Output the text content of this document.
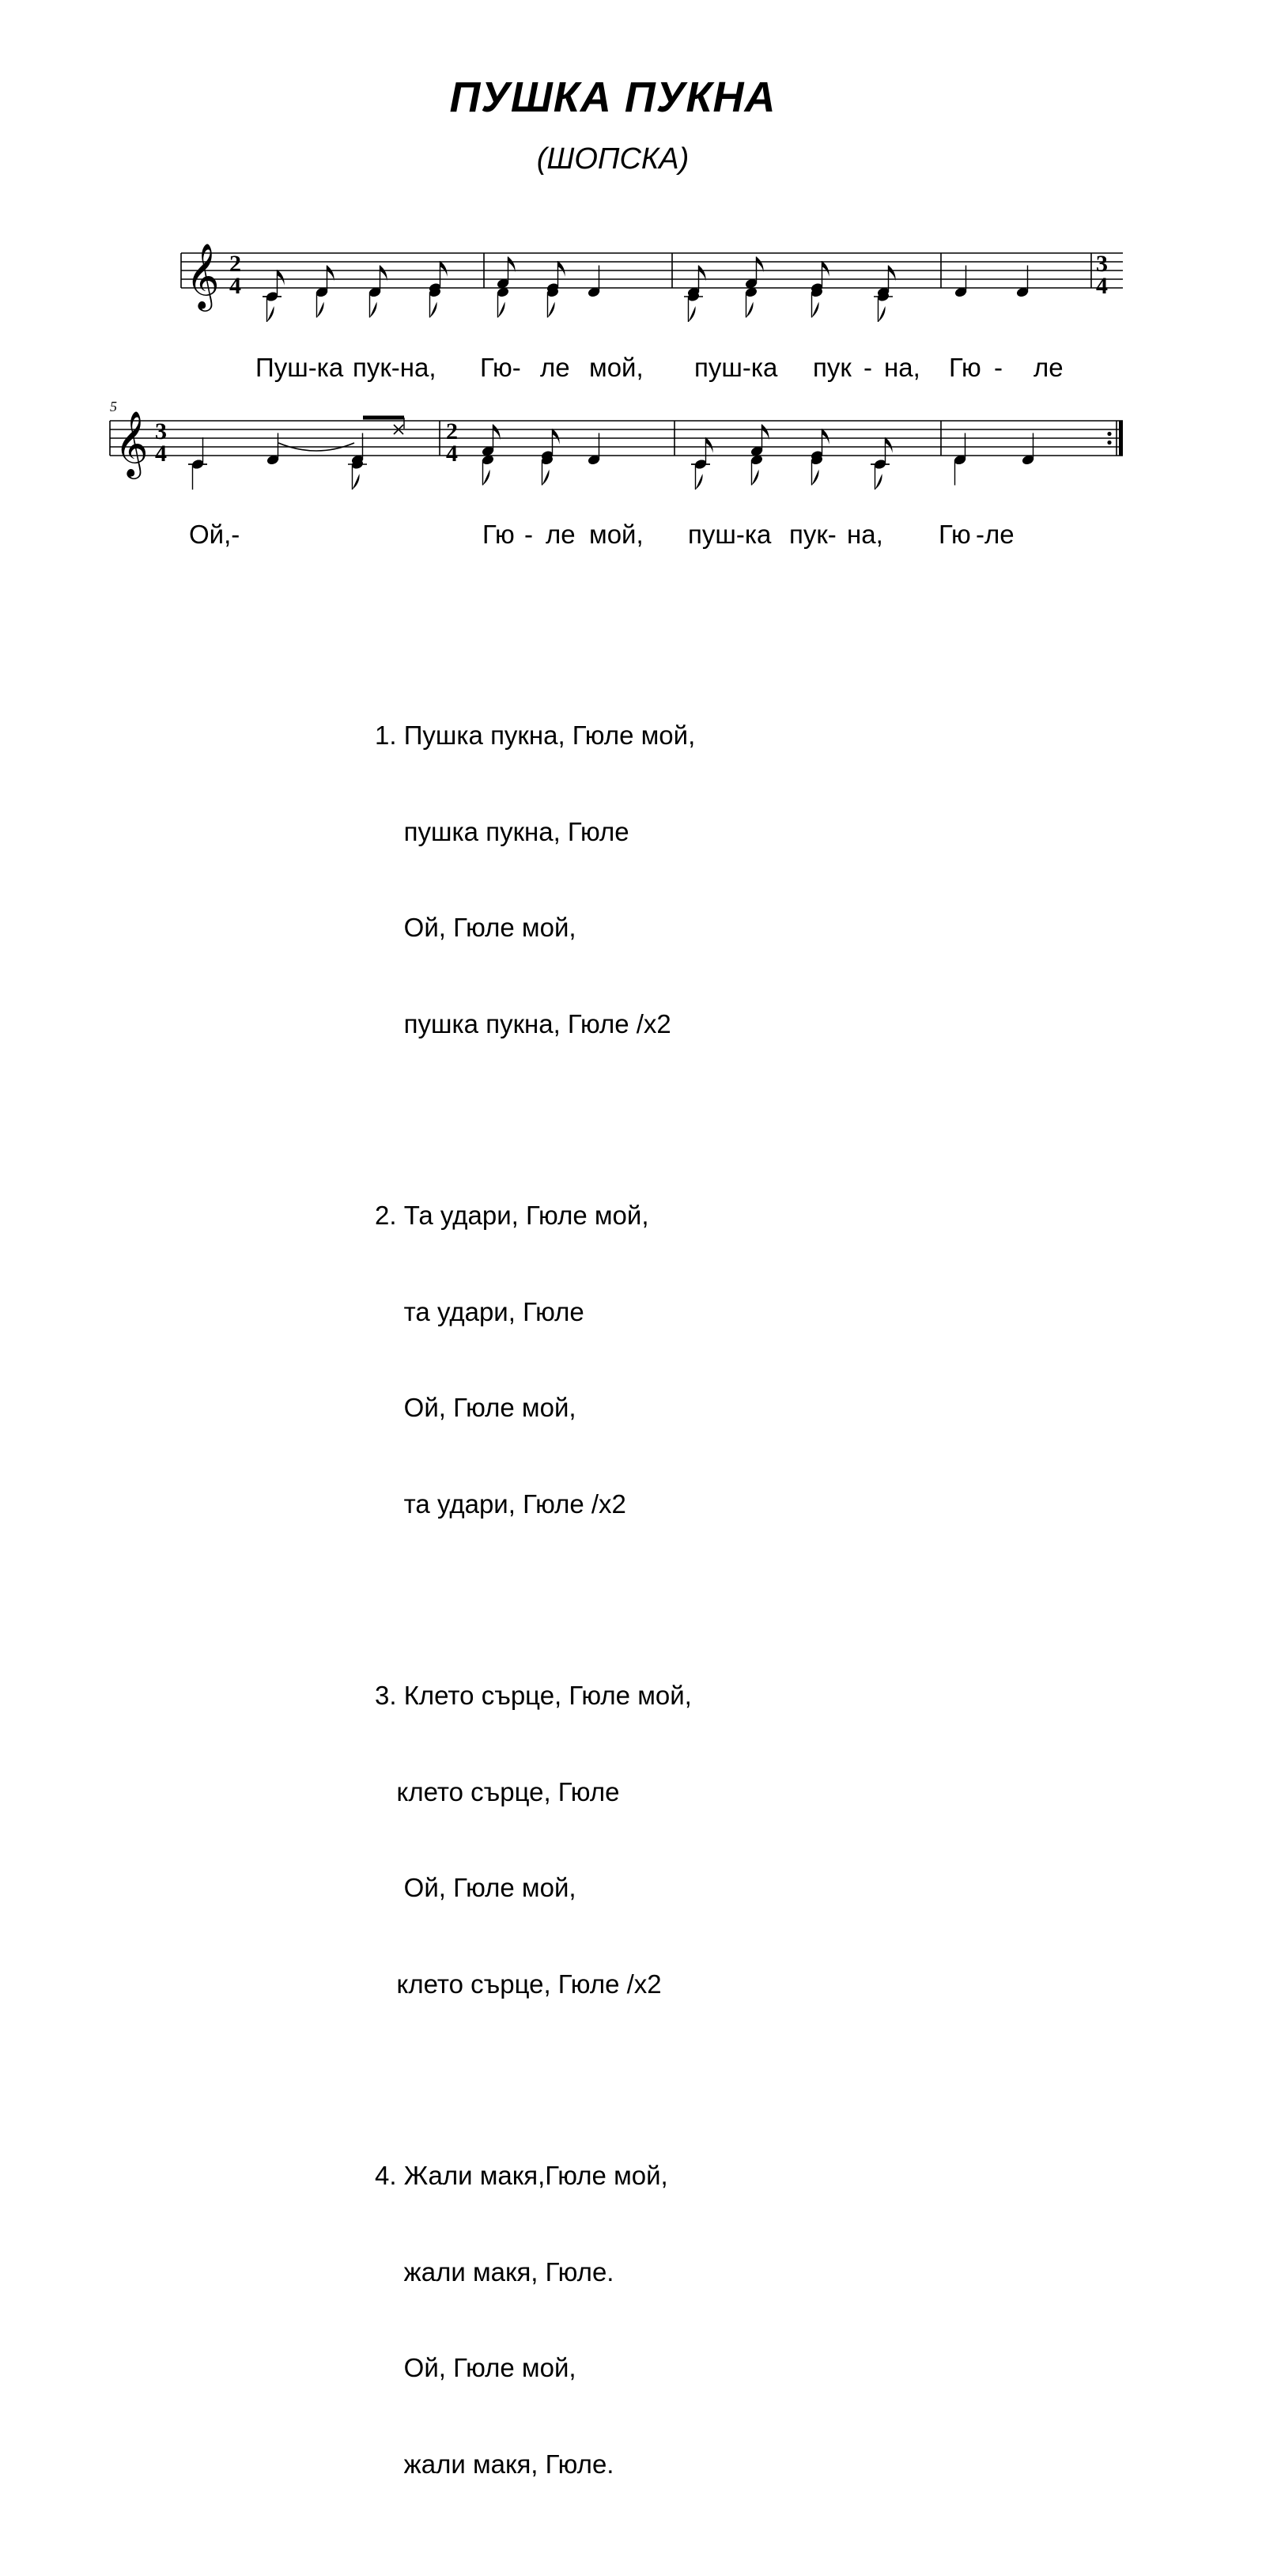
ПУШКА ПУКНА
(ШОПСКА)
𝄞
𝄞
2
4
3
4
3
4
2
4
5
Пуш-ка пук-на, Гю- ле мой, пуш-ка пук - на, Гю - ле
Ой,-	Гю - ле мой, пуш-ка пук- на, Гю -ле

1. Пушка пукна, Гюле мой,

пушка пукна, Гюле

Ой, Гюле мой,

пушка пукна, Гюле /х2

2. Та удари, Гюле мой,

та удари, Гюле

Ой, Гюле мой,

та удари, Гюле /х2

3. Клето сърце, Гюле мой,

клето сърце, Гюле

Ой, Гюле мой,

клето сърце, Гюле /х2

4. Жали макя,Гюле мой,

жали макя, Гюле.

Ой, Гюле мой,

жали макя, Гюле.
